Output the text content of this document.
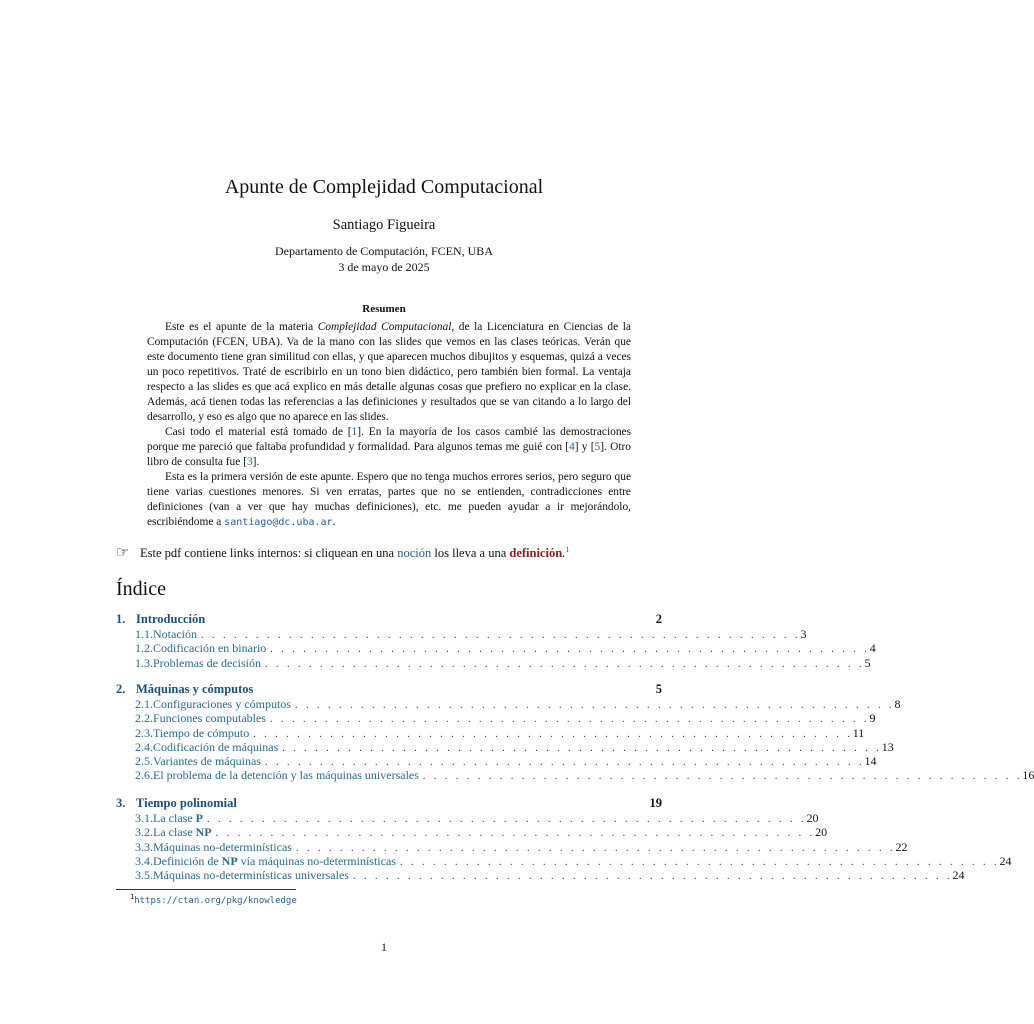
Apunte de Complejidad Computacional
Santiago Figueira
Departamento de Computación, FCEN, UBA
3 de mayo de 2025
Resumen

Este es el apunte de la materia Complejidad Computacional, de la Licenciatura en Ciencias de la Computación (FCEN, UBA). Va de la mano con las slides que vemos en las clases teóricas. Verán que este documento tiene gran similitud con ellas, y que aparecen muchos dibujitos y esquemas, quizá a veces un poco repetitivos. Traté de escribirlo en un tono bien didáctico, pero también bien formal. La ventaja respecto a las slides es que acá explico en más detalle algunas cosas que prefiero no explicar en la clase. Además, acá tienen todas las referencias a las definiciones y resultados que se van citando a lo largo del desarrollo, y eso es algo que no aparece en las slides.

Casi todo el material está tomado de [1]. En la mayoría de los casos cambié las demostraciones porque me pareció que faltaba profundidad y formalidad. Para algunos temas me guié con [4] y [5]. Otro libro de consulta fue [3].

Esta es la primera versión de este apunte. Espero que no tenga muchos errores serios, pero seguro que tiene varias cuestiones menores. Si ven erratas, partes que no se entienden, contradicciones entre definiciones (van a ver que hay muchas definiciones), etc. me pueden ayudar a ir mejorándolo, escribiéndome a santiago@dc.uba.ar.

☞ Este pdf contiene links internos: si cliquean en una noción los lleva a una definición.$^1$
Índice
1. Introducción	2
1.1. Notación . . . . . . . . . . . . . . . . . . . . . . . . . . . . . . . . . . . . . . . . . . . . . . . . . . . . . . . 3
1.2. Codificación en binario . . . . . . . . . . . . . . . . . . . . . . . . . . . . . . . . . . . . . . . . . . . . . . . . . . . . . . . 4
1.3. Problemas de decisión . . . . . . . . . . . . . . . . . . . . . . . . . . . . . . . . . . . . . . . . . . . . . . . . . . . . . . . 5
2. Máquinas y cómputos	5
2.1. Configuraciones y cómputos . . . . . . . . . . . . . . . . . . . . . . . . . . . . . . . . . . . . . . . . . . . . . . . . . . . . . . . 8
2.2. Funciones computables . . . . . . . . . . . . . . . . . . . . . . . . . . . . . . . . . . . . . . . . . . . . . . . . . . . . . . . 9
2.3. Tiempo de cómputo . . . . . . . . . . . . . . . . . . . . . . . . . . . . . . . . . . . . . . . . . . . . . . . . . . . . . . . 11
2.4. Codificación de máquinas . . . . . . . . . . . . . . . . . . . . . . . . . . . . . . . . . . . . . . . . . . . . . . . . . . . . . . . 13
2.5. Variantes de máquinas . . . . . . . . . . . . . . . . . . . . . . . . . . . . . . . . . . . . . . . . . . . . . . . . . . . . . . . 14
2.6. El problema de la detención y las máquinas universales . . . . . . . . . . . . . . . . . . . . . . . . . . . . . . . . . . . . . . . . . . . . . . . . . . . . . . . 16
3. Tiempo polinomial	19
3.1. La clase P . . . . . . . . . . . . . . . . . . . . . . . . . . . . . . . . . . . . . . . . . . . . . . . . . . . . . . . 20
3.2. La clase NP . . . . . . . . . . . . . . . . . . . . . . . . . . . . . . . . . . . . . . . . . . . . . . . . . . . . . . . 20
3.3. Máquinas no-determinísticas . . . . . . . . . . . . . . . . . . . . . . . . . . . . . . . . . . . . . . . . . . . . . . . . . . . . . . . 22
3.4. Definición de NP vía máquinas no-determinísticas . . . . . . . . . . . . . . . . . . . . . . . . . . . . . . . . . . . . . . . . . . . . . . . . . . . . . . . 24
3.5. Máquinas no-determinísticas universales . . . . . . . . . . . . . . . . . . . . . . . . . . . . . . . . . . . . . . . . . . . . . . . . . . . . . . . 24
$^1$https://ctan.org/pkg/knowledge
1
